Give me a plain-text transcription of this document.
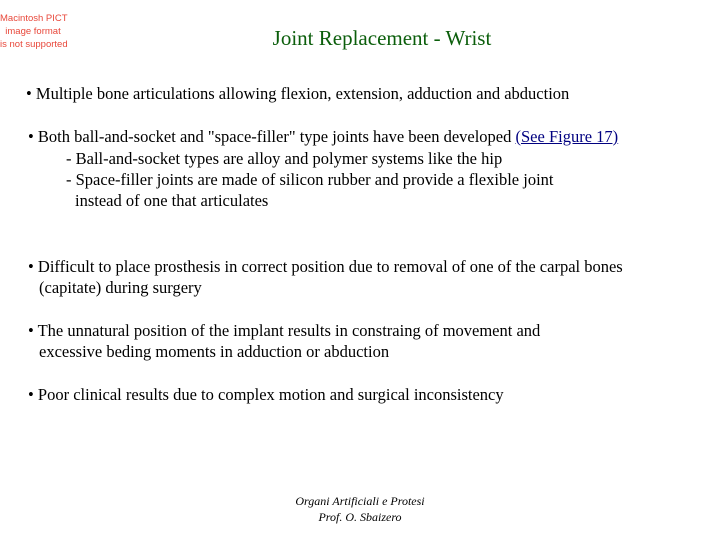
Macintosh PICT
image format
is not supported	Joint Replacement - Wrist
• Multiple bone articulations allowing flexion, extension, adduction and abduction
• Both ball-and-socket and "space-filler" type joints have been developed (See Figure 17)
- Ball-and-socket types are alloy and polymer systems like the hip
- Space-filler joints are made of silicon rubber and provide a flexible joint
instead of one that articulates
• Difficult to place prosthesis in correct position due to removal of one of the carpal bones
(capitate) during surgery
• The unnatural position of the implant results in constraing of movement and
excessive beding moments in adduction or abduction
• Poor clinical results due to complex motion and surgical inconsistency
Organi Artificiali e Protesi
Prof. O. Sbaizero
